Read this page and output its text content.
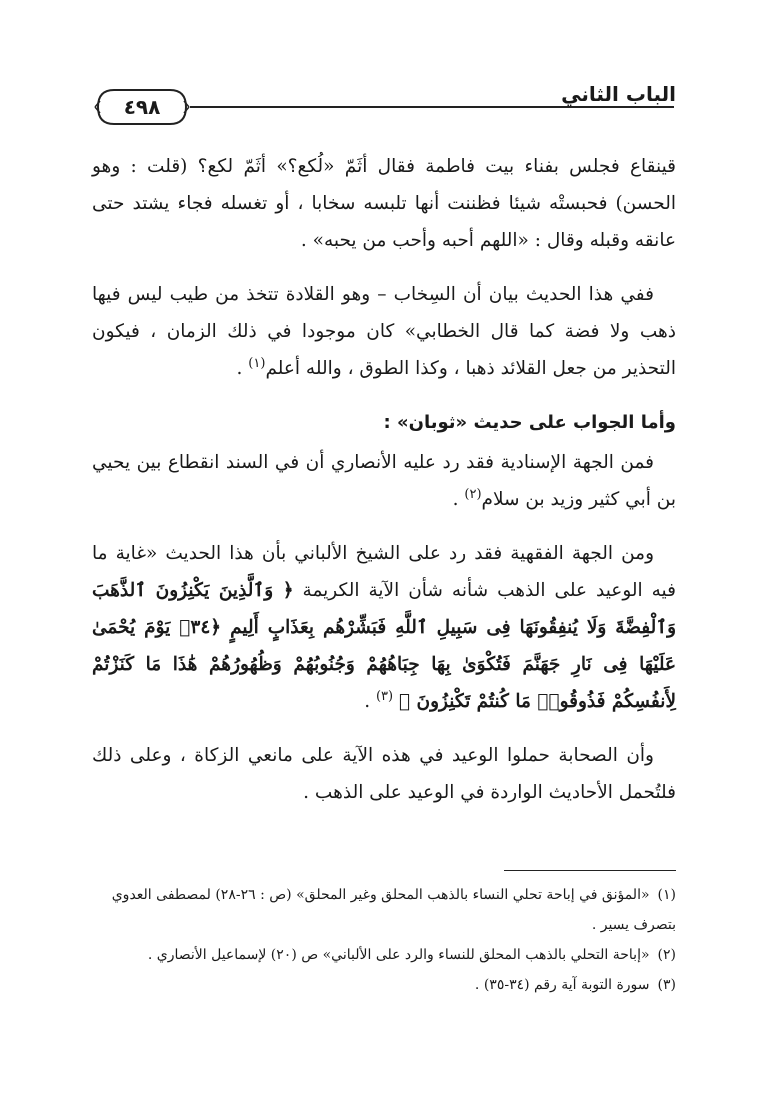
الباب الثاني
٤٩٨

قينقاع فجلس بفناء بيت فاطمة فقال أثَمّ «لُكع؟» أثَمّ لكع؟ (قلت : وهو الحسن) فحبستْه شيئا فظننت أنها تلبسه سخابا ، أو تغسله فجاء يشتد حتى عانقه وقبله وقال : «اللهم أحبه وأحب من يحبه» .

ففي هذا الحديث بيان أن السِخاب – وهو القلادة تتخذ من طيب ليس فيها ذهب ولا فضة كما قال الخطابي» كان موجودا في ذلك الزمان ، فيكون التحذير من جعل القلائد ذهبا ، وكذا الطوق ، والله أعلم$^{(١)}$ .

وأما الجواب على حديث «ثوبان» :

فمن الجهة الإسنادية فقد رد عليه الأنصاري أن في السند انقطاع بين يحيي بن أبي كثير وزيد بن سلام$^{(٢)}$ .

ومن الجهة الفقهية فقد رد على الشيخ الألباني بأن هذا الحديث «غاية ما فيه الوعيد على الذهب شأنه شأن الآية الكريمة ﴿ وَٱلَّذِينَ يَكْنِزُونَ ٱلذَّهَبَ وَٱلْفِضَّةَ وَلَا يُنفِقُونَهَا فِى سَبِيلِ ٱللَّهِ فَبَشِّرْهُم بِعَذَابٍ أَلِيمٍ ﴿٣٤﴾ يَوْمَ يُحْمَىٰ عَلَيْهَا فِى نَارِ جَهَنَّمَ فَتُكْوَىٰ بِهَا جِبَاهُهُمْ وَجُنُوبُهُمْ وَظُهُورُهُمْ هَٰذَا مَا كَنَزْتُمْ لِأَنفُسِكُمْ فَذُوقُوا۟ مَا كُنتُمْ تَكْنِزُونَ ﴾ $^{(٣)}$ .

وأن الصحابة حملوا الوعيد في هذه الآية على مانعي الزكاة ، وعلى ذلك فلتُحمل الأحاديث الواردة في الوعيد على الذهب .

(١)«المؤنق في إباحة تحلي النساء بالذهب المحلق وغير المحلق» (ص : ٢٦-٢٨) لمصطفى العدوي بتصرف يسير .

(٢)«إباحة التحلي بالذهب المحلق للنساء والرد على الألباني» ص (٢٠) لإسماعيل الأنصاري .

(٣)سورة التوبة آية رقم (٣٤-٣٥) .
